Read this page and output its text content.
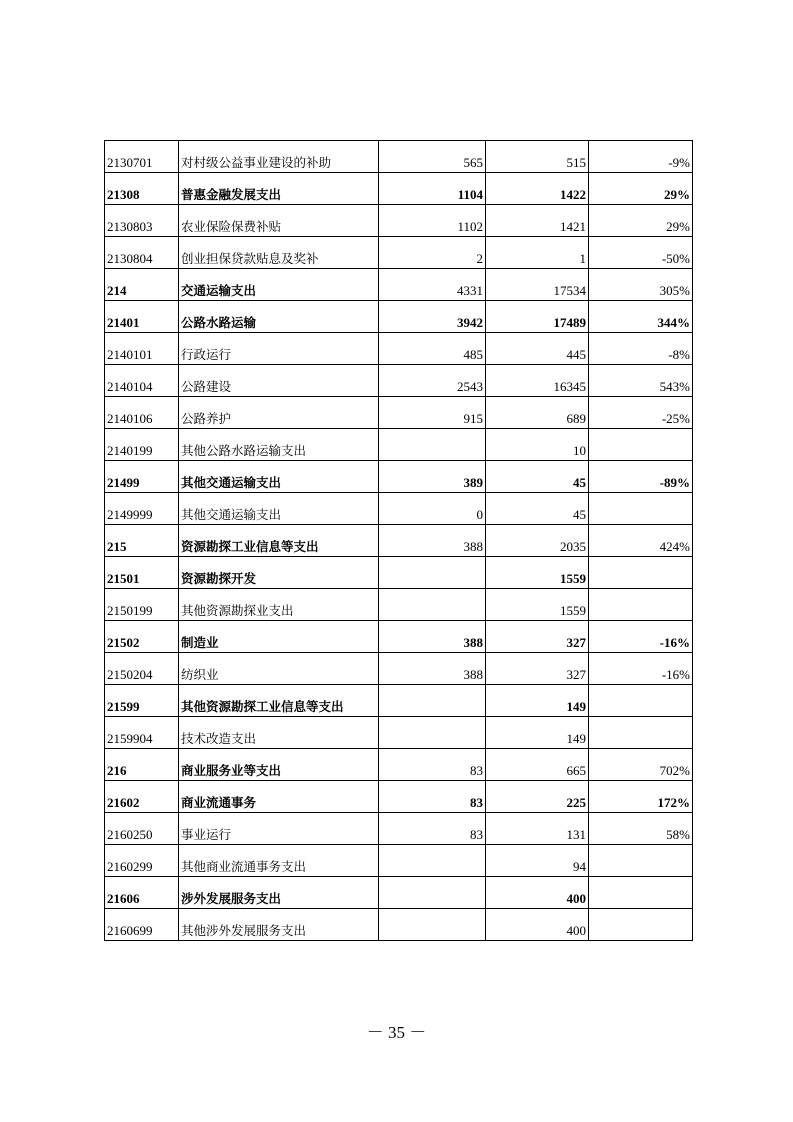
2130701	对村级公益事业建设的补助	565	515	-9%
21308	普惠金融发展支出	1104	1422	29%
2130803	农业保险保费补贴	1102	1421	29%
2130804	创业担保贷款贴息及奖补	2	1	-50%
214	交通运输支出	4331	17534	305%
21401	公路水路运输	3942	17489	344%
2140101	行政运行	485	445	-8%
2140104	公路建设	2543	16345	543%
2140106	公路养护	915	689	-25%
2140199	其他公路水路运输支出		10	
21499	其他交通运输支出	389	45	-89%
2149999	其他交通运输支出	0	45	
215	资源勘探工业信息等支出	388	2035	424%
21501	资源勘探开发		1559	
2150199	其他资源勘探业支出		1559	
21502	制造业	388	327	-16%
2150204	纺织业	388	327	-16%
21599	其他资源勘探工业信息等支出		149	
2159904	技术改造支出		149	
216	商业服务业等支出	83	665	702%
21602	商业流通事务	83	225	172%
2160250	事业运行	83	131	58%
2160299	其他商业流通事务支出		94	
21606	涉外发展服务支出		400	
2160699	其他涉外发展服务支出		400	
－ 35 －
